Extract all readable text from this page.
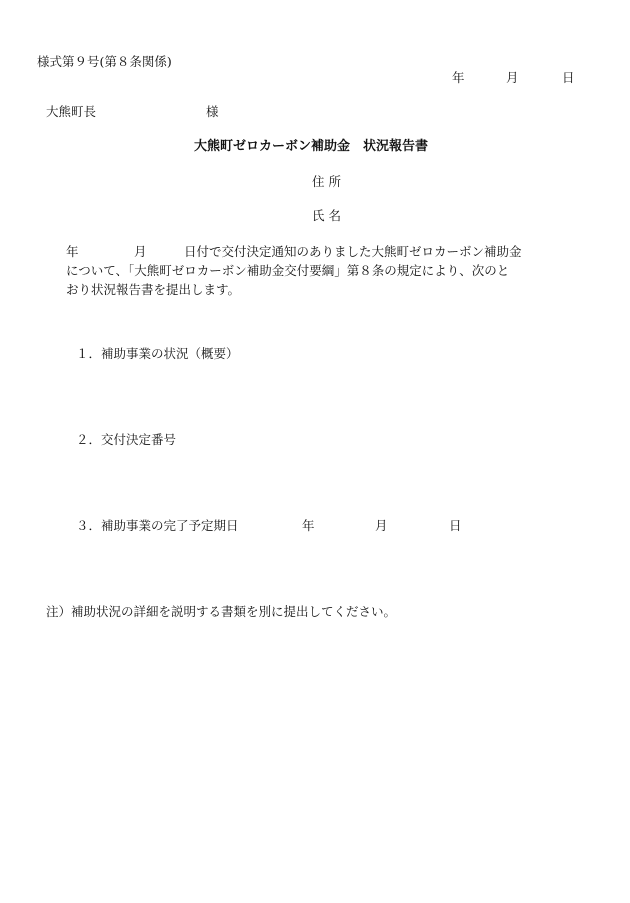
様式第９号(第８条関係)
年	月	日
大熊町長	様
大熊町ゼロカーボン補助金　状況報告書
住 所
氏 名
年	月	日付で交付決定通知のありました大熊町ゼロカーボン補助金
について、「大熊町ゼロカーボン補助金交付要綱」第８条の規定により、次のと
おり状況報告書を提出します。
１．補助事業の状況（概要）
２．交付決定番号
３．補助事業の完了予定期日	年	月	日
注）補助状況の詳細を説明する書類を別に提出してください。
